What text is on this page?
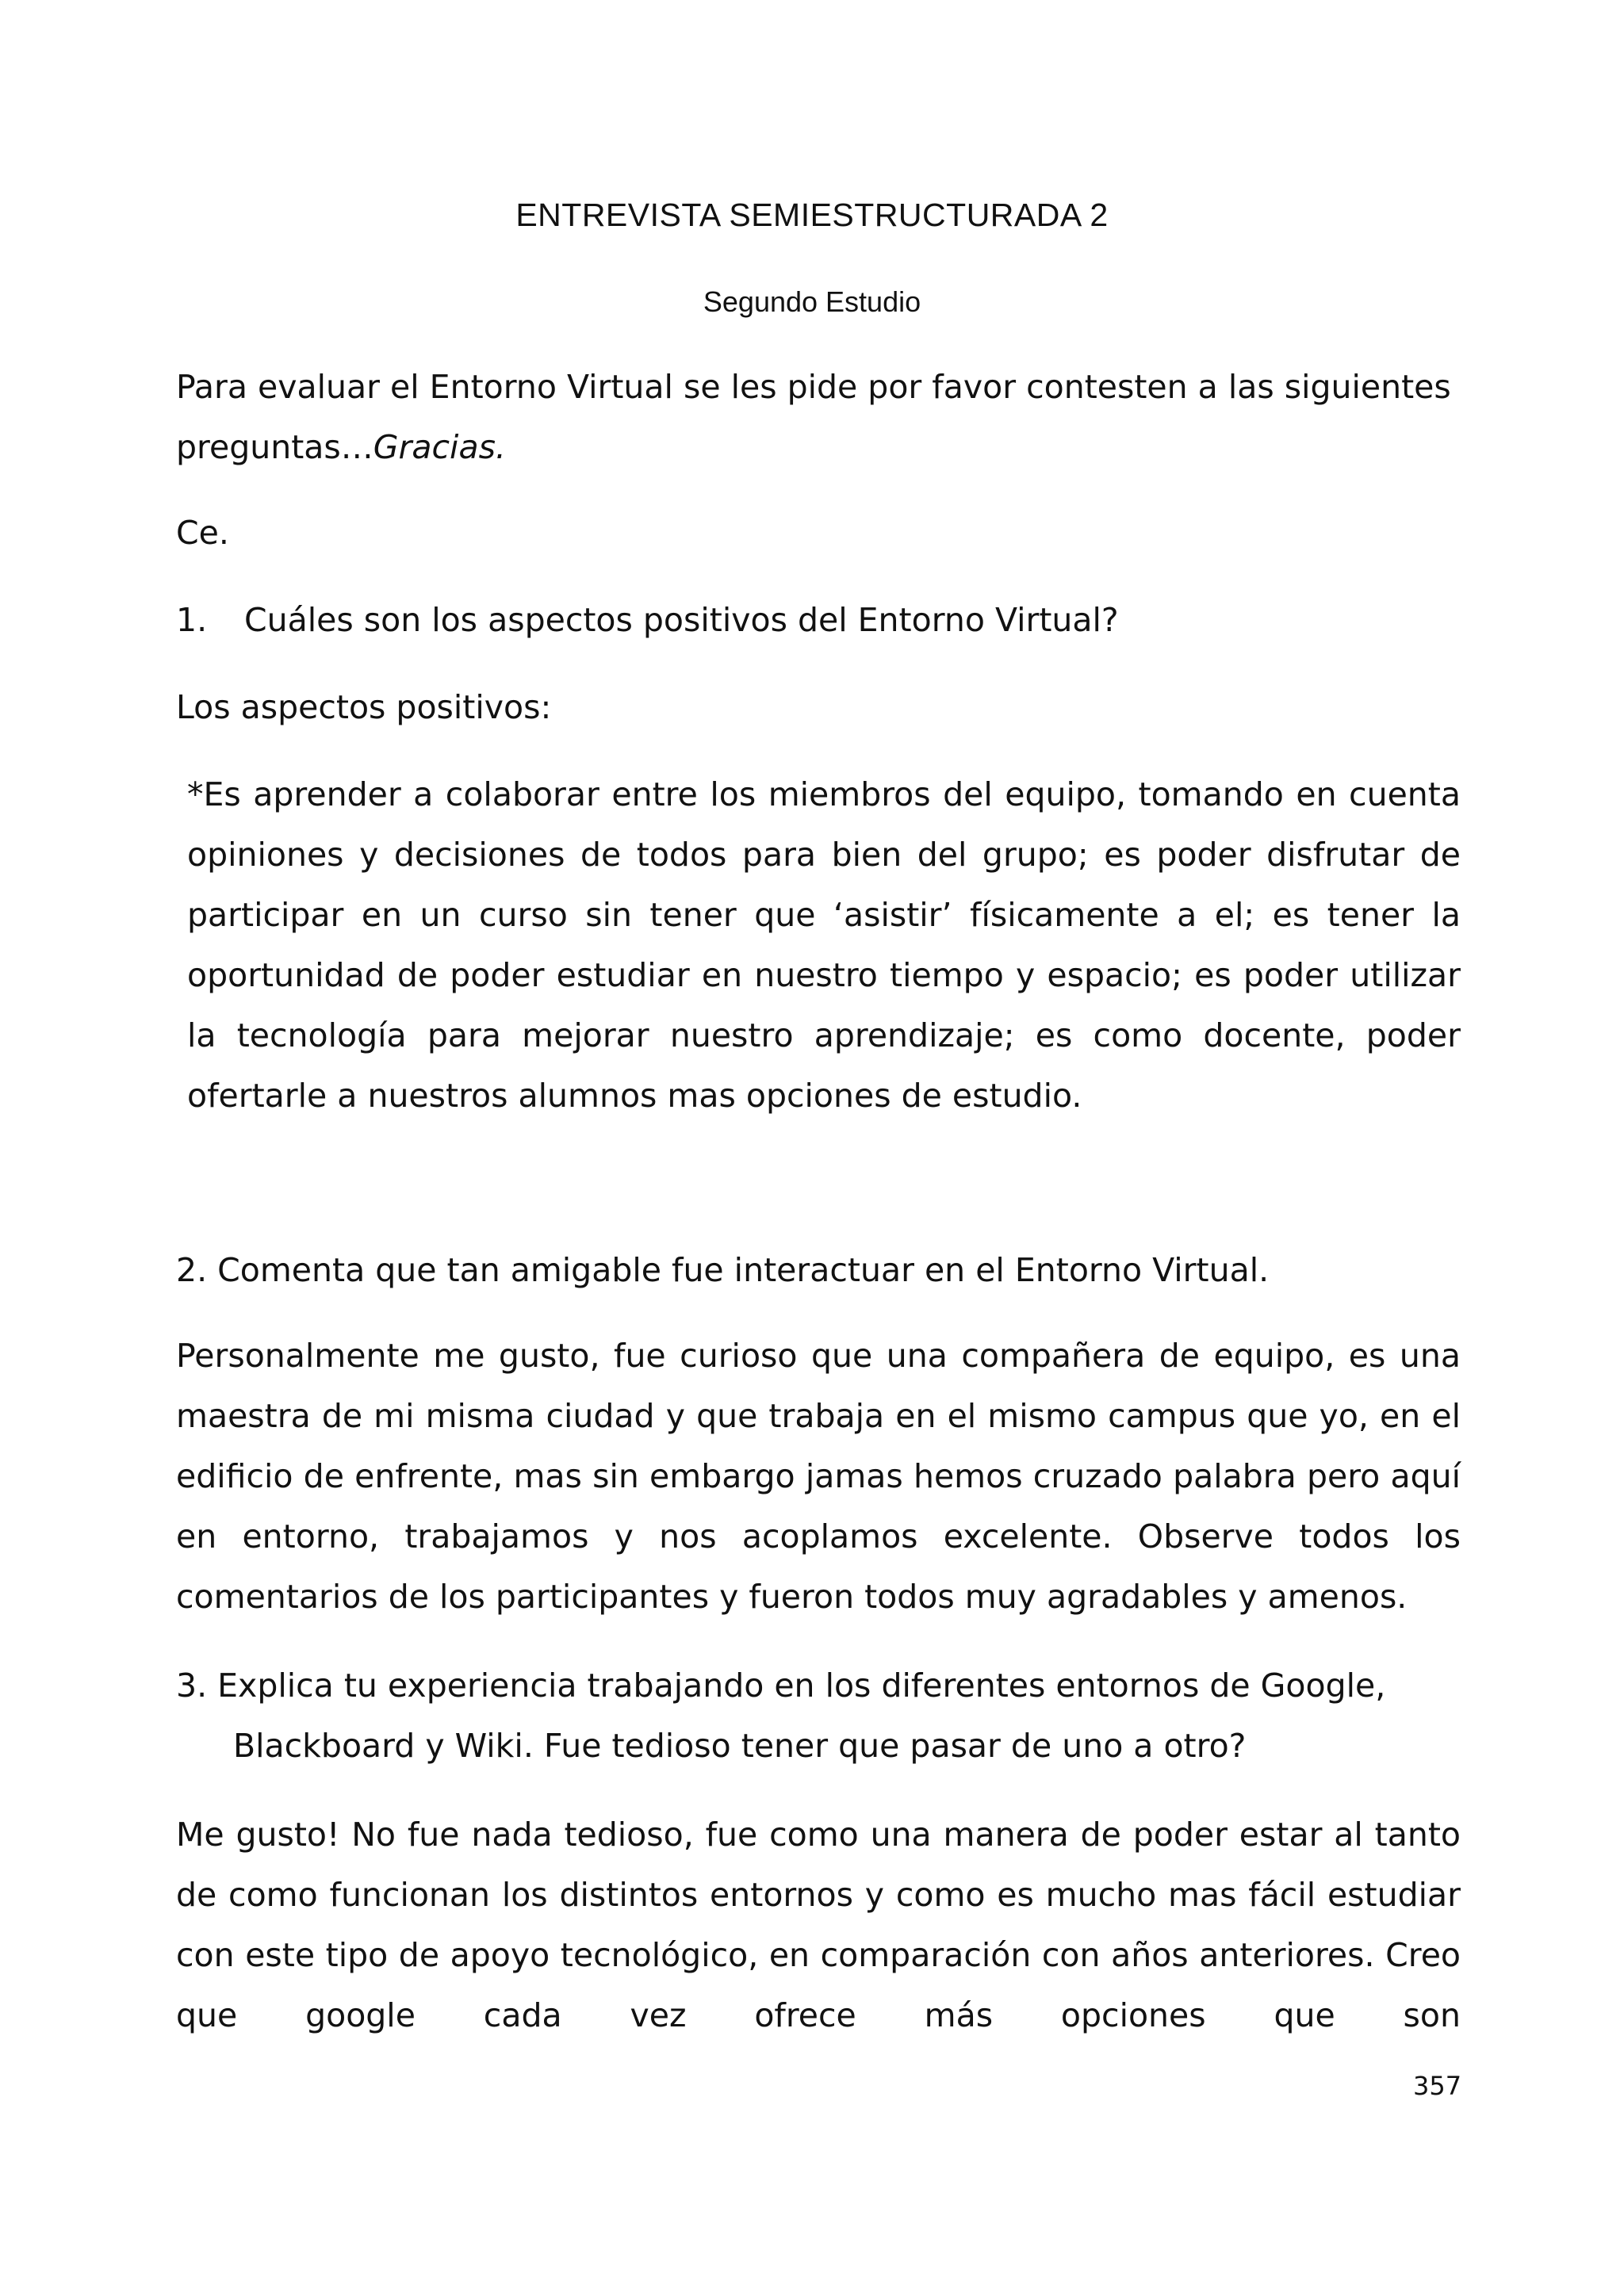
ENTREVISTA SEMIESTRUCTURADA 2
Segundo Estudio

Para evaluar el Entorno Virtual se les pide por favor contesten a las siguientes preguntas…Gracias.

Ce.

1. Cuáles son los aspectos positivos del Entorno Virtual?

Los aspectos positivos:

*Es aprender a colaborar entre los miembros del equipo, tomando en cuenta opiniones y decisiones de todos para bien del grupo; es poder disfrutar de participar en un curso sin tener que ‘asistir’ físicamente a el; es tener la oportunidad de poder estudiar en nuestro tiempo y espacio; es poder utilizar la tecnología para mejorar nuestro aprendizaje; es como docente, poder ofertarle a nuestros alumnos mas opciones de estudio.

2. Comenta que tan amigable fue interactuar en el Entorno Virtual.

Personalmente me gusto, fue curioso que una compañera de equipo, es una maestra de mi misma ciudad y que trabaja en el mismo campus que yo, en el edificio de enfrente, mas sin embargo jamas hemos cruzado palabra pero aquí en entorno, trabajamos y nos acoplamos excelente. Observe todos los comentarios de los participantes y fueron todos muy agradables y amenos.

3. Explica tu experiencia trabajando en los diferentes entornos de Google, Blackboard y Wiki. Fue tedioso tener que pasar de uno a otro?

Me gusto! No fue nada tedioso, fue como una manera de poder estar al tanto de como funcionan los distintos entornos y como es mucho mas fácil estudiar con este tipo de apoyo tecnológico, en comparación con años anteriores. Creo que google cada vez ofrece más opciones que son

357
